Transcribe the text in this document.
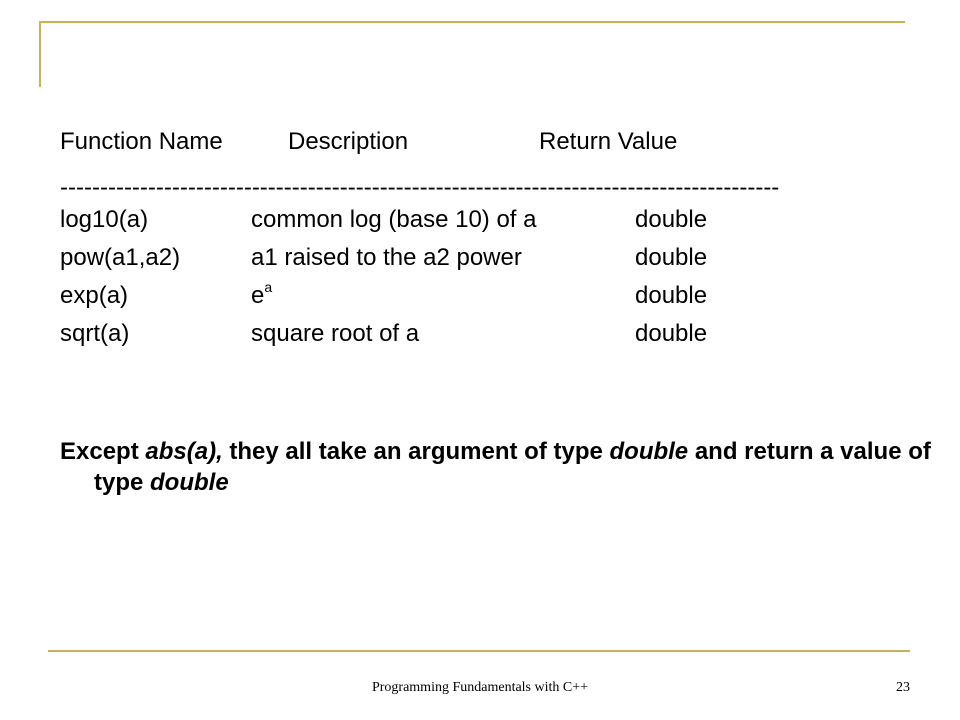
Function Name	Description	Return Value
------------------------------------------------------------------------------------------
log10(a)	common log (base 10) of a	double
pow(a1,a2)	a1 raised to the a2 power	double
exp(a)	$e^a$	double
sqrt(a)	square root of a	double
Except abs(a), they all take an argument of type double and return a value of type double
Programming Fundamentals with C++	23
